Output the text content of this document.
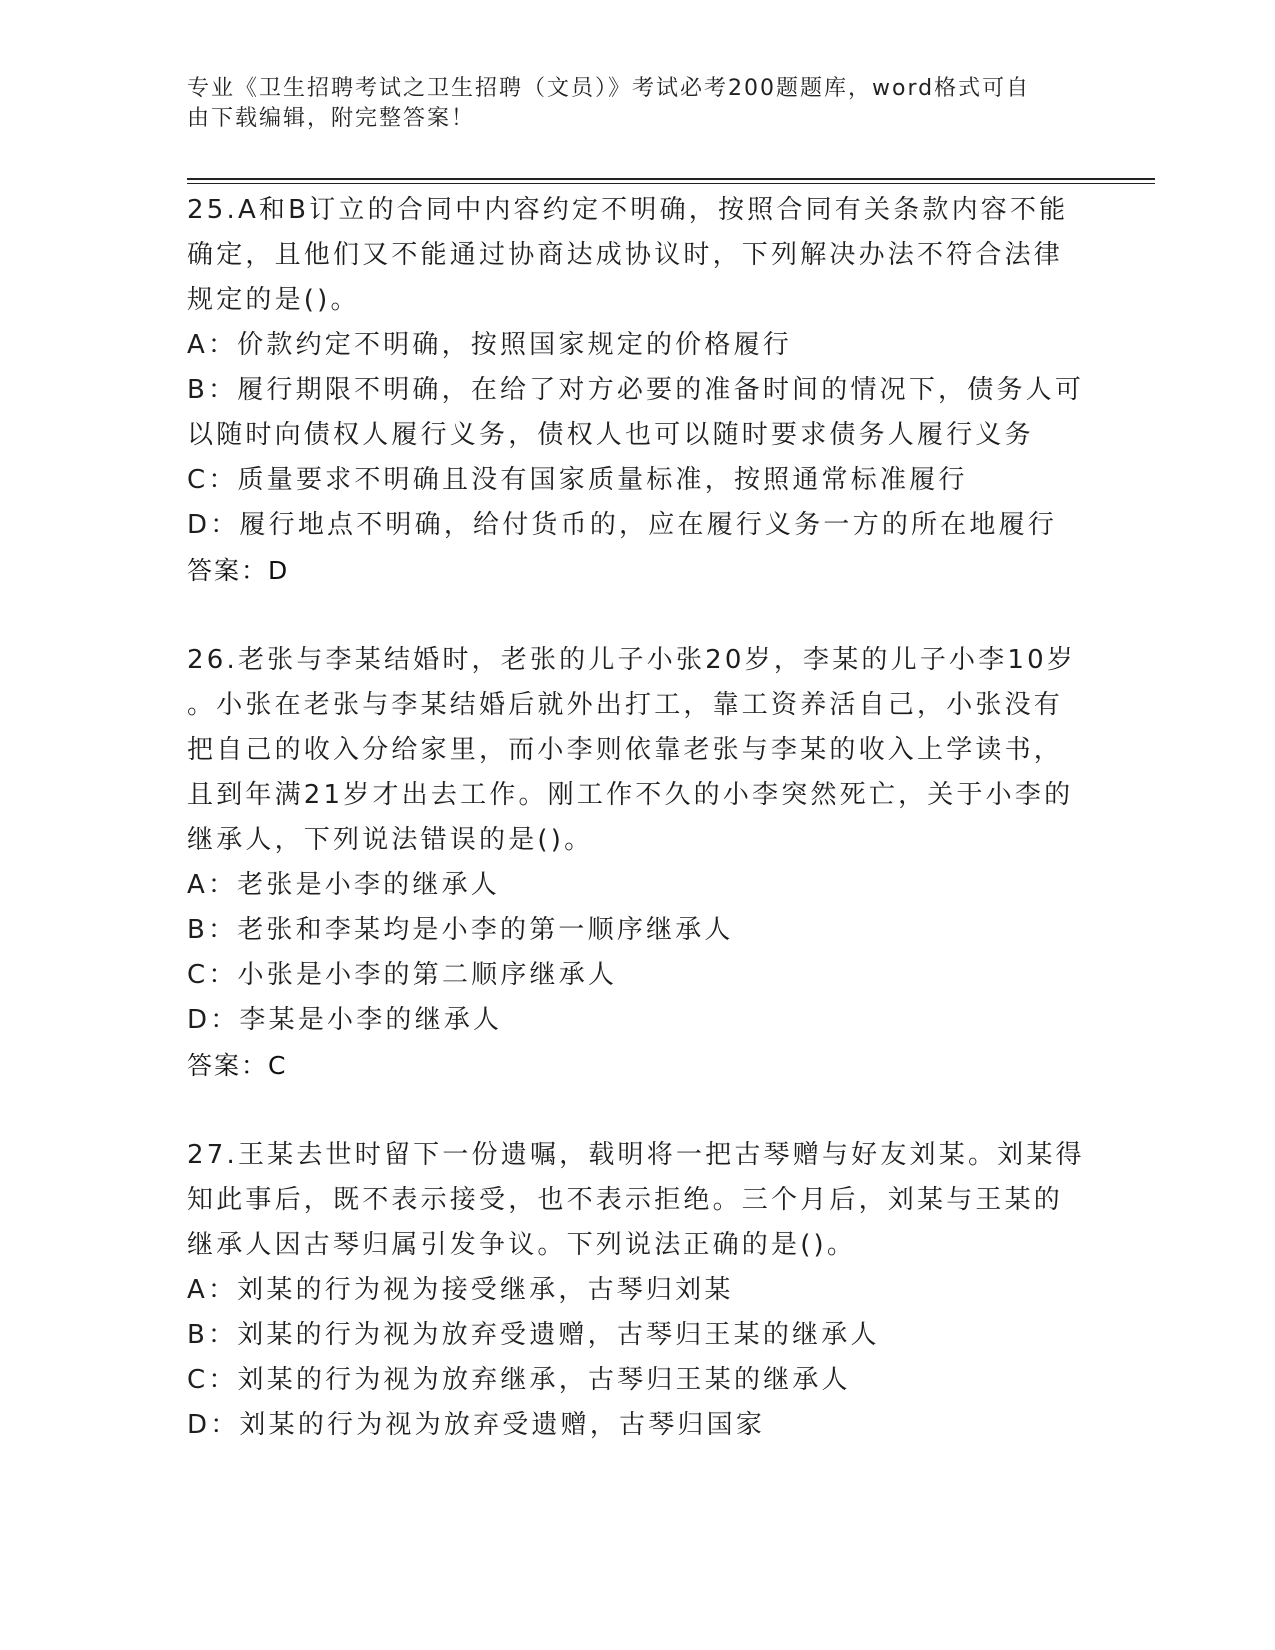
专业《卫生招聘考试之卫生招聘（文员）》考试必考200题题库，word格式可自
由下载编辑，附完整答案！

25.A和B订立的合同中内容约定不明确，按照合同有关条款内容不能

确定，且他们又不能通过协商达成协议时，下列解决办法不符合法律

规定的是()。

A：价款约定不明确，按照国家规定的价格履行

B：履行期限不明确，在给了对方必要的准备时间的情况下，债务人可

以随时向债权人履行义务，债权人也可以随时要求债务人履行义务

C：质量要求不明确且没有国家质量标准，按照通常标准履行

D：履行地点不明确，给付货币的，应在履行义务一方的所在地履行

答案：D

26.老张与李某结婚时，老张的儿子小张20岁，李某的儿子小李10岁

。小张在老张与李某结婚后就外出打工，靠工资养活自己，小张没有

把自己的收入分给家里，而小李则依靠老张与李某的收入上学读书，

且到年满21岁才出去工作。刚工作不久的小李突然死亡，关于小李的

继承人，下列说法错误的是()。

A：老张是小李的继承人

B：老张和李某均是小李的第一顺序继承人

C：小张是小李的第二顺序继承人

D：李某是小李的继承人

答案：C

27.王某去世时留下一份遗嘱，载明将一把古琴赠与好友刘某。刘某得

知此事后，既不表示接受，也不表示拒绝。三个月后，刘某与王某的

继承人因古琴归属引发争议。下列说法正确的是()。

A：刘某的行为视为接受继承，古琴归刘某

B：刘某的行为视为放弃受遗赠，古琴归王某的继承人

C：刘某的行为视为放弃继承，古琴归王某的继承人

D：刘某的行为视为放弃受遗赠，古琴归国家
